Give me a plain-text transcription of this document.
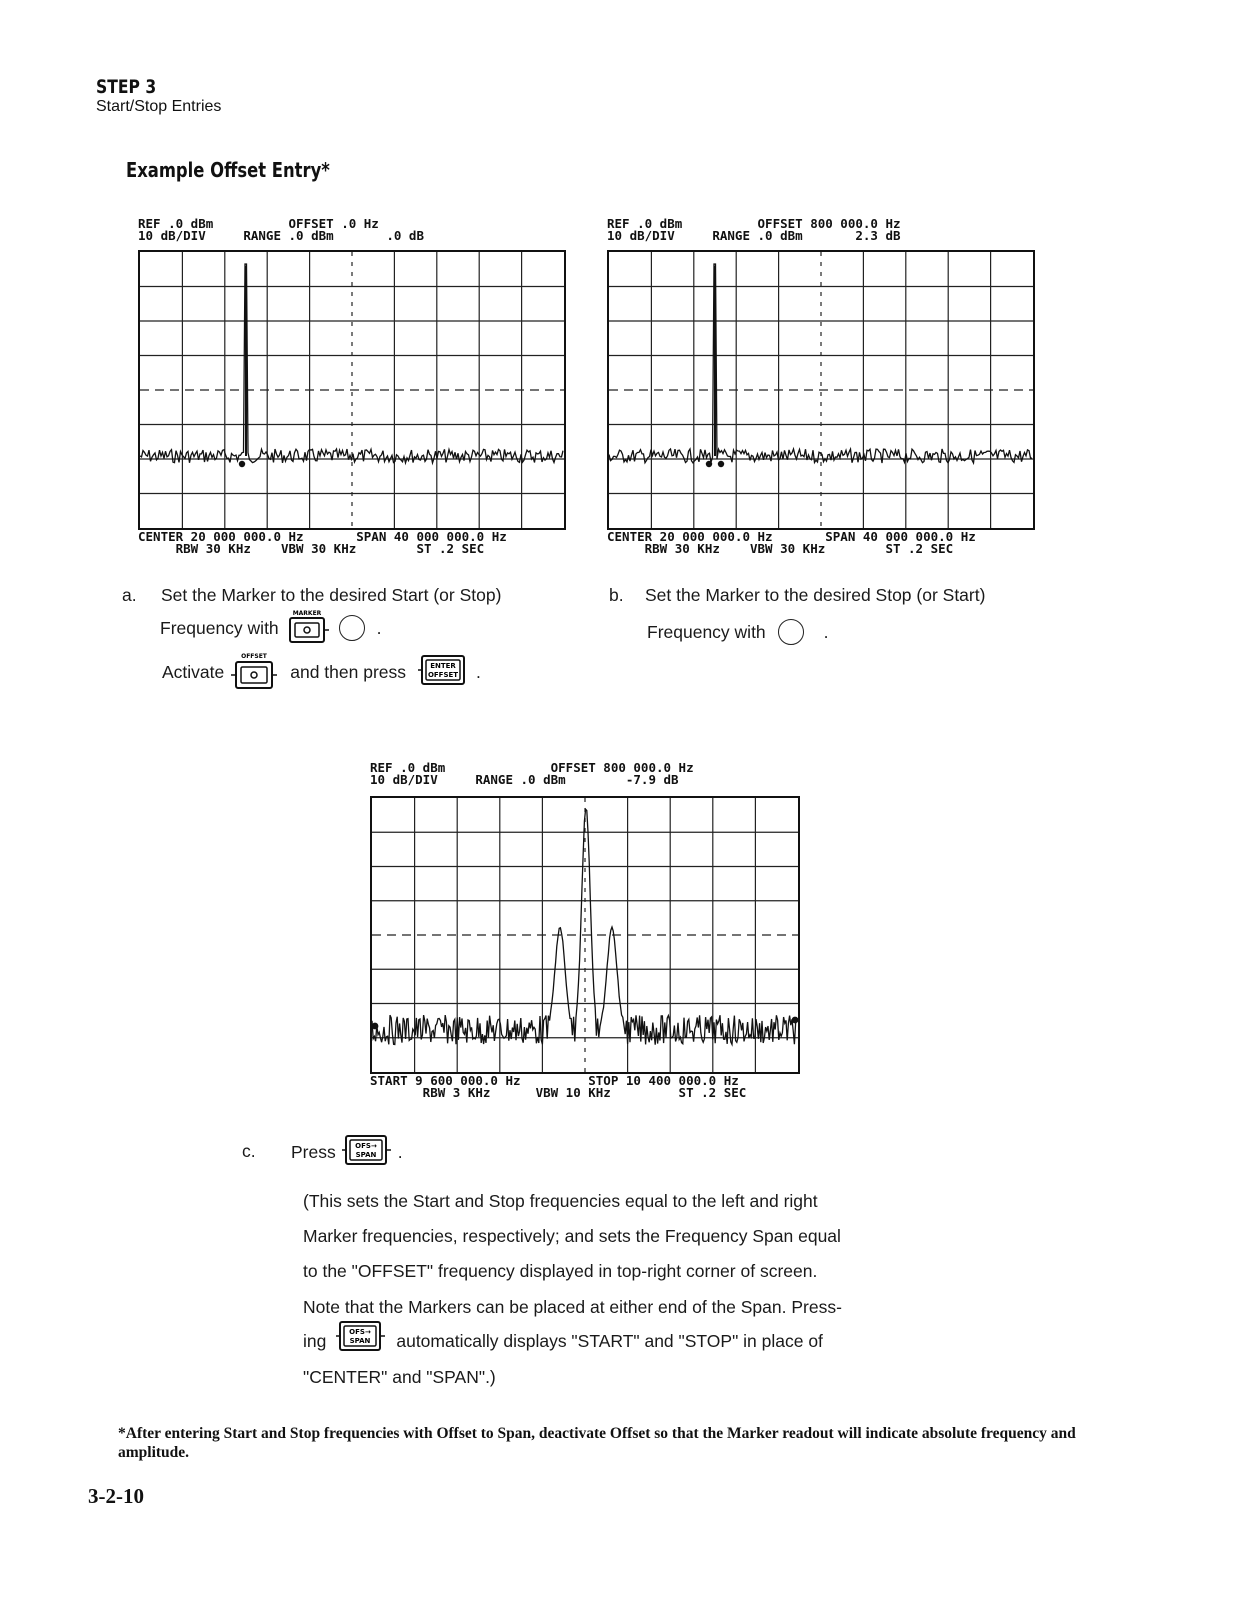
STEP 3
Start/Stop Entries
Example Offset Entry*
REF .0 dBm          OFFSET .0 Hz
10 dB/DIV     RANGE .0 dBm       .0 dB
CENTER 20 000 000.0 Hz       SPAN 40 000 000.0 Hz
RBW 30 KHz    VBW 30 KHz        ST .2 SEC
REF .0 dBm          OFFSET 800 000.0 Hz
10 dB/DIV     RANGE .0 dBm       2.3 dB
CENTER 20 000 000.0 Hz       SPAN 40 000 000.0 Hz
RBW 30 KHz    VBW 30 KHz        ST .2 SEC
a. Set the Marker to the desired Start (or Stop)
Frequency with
MARKER
.
Activate
OFFSET
and then press	ENTER
OFFSET .
b. Set the Marker to the desired Stop (or Start)
Frequency with	.
REF .0 dBm              OFFSET 800 000.0 Hz
10 dB/DIV     RANGE .0 dBm        -7.9 dB
START 9 600 000.0 Hz         STOP 10 400 000.0 Hz
RBW 3 KHz      VBW 10 KHz         ST .2 SEC
c. Press	OFS→
SPAN .
(This sets the Start and Stop frequencies equal to the left and right
Marker frequencies, respectively; and sets the Frequency Span equal
to the "OFFSET" frequency displayed in top-right corner of screen.
Note that the Markers can be placed at either end of the Span. Press-
ing	OFS→
SPAN automatically displays "START" and "STOP" in place of
"CENTER" and "SPAN".)
*After entering Start and Stop frequencies with Offset to Span, deactivate Offset so that the Marker readout will indicate absolute frequency and amplitude.
3-2-10
